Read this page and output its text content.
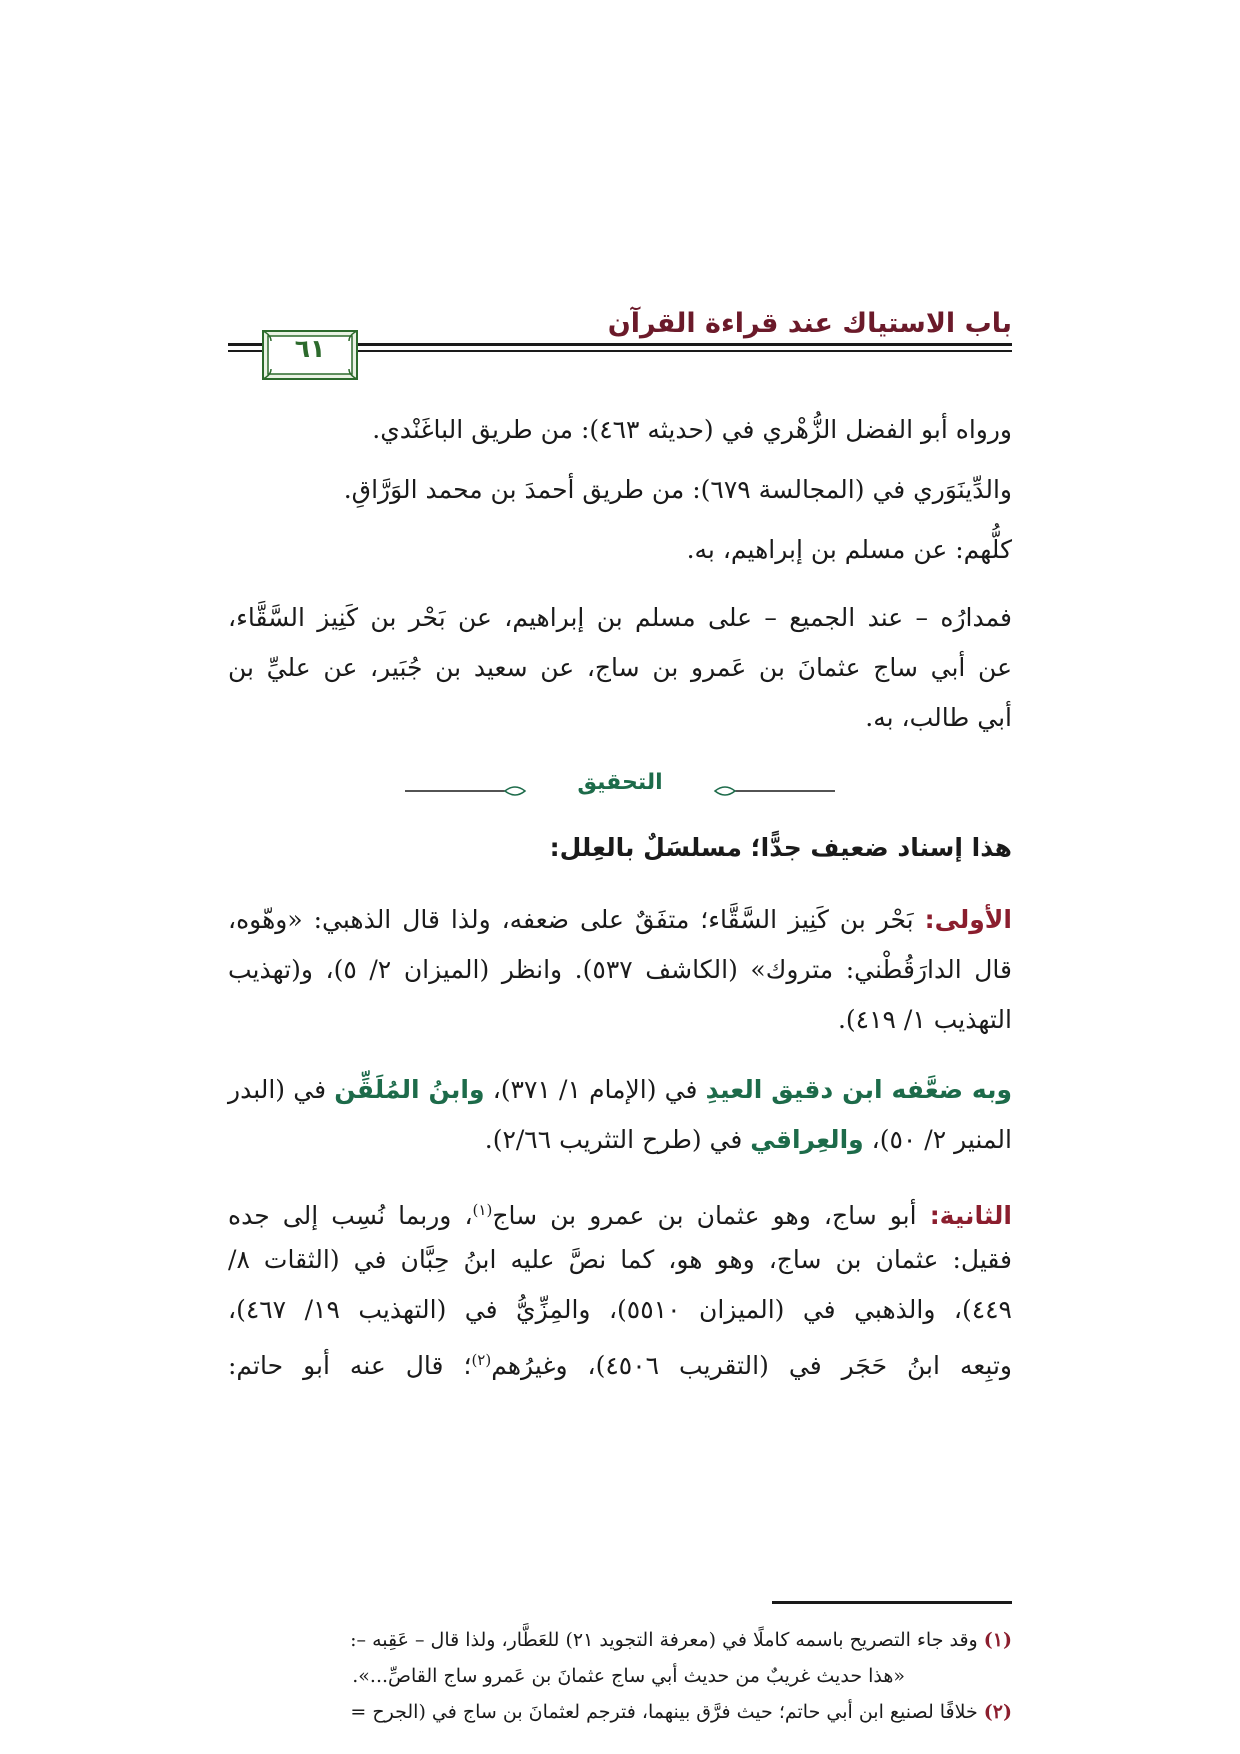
باب الاستياك عند قراءة القرآن
٦١
ورواه أبو الفضل الزُّهْري في (حديثه ٤٦٣): من طريق الباغَنْدي.
والدِّينَوَري في (المجالسة ٦٧٩): من طريق أحمدَ بن محمد الوَرَّاقِ.
كلُّهم: عن مسلم بن إبراهيم، به.
فمدارُه – عند الجميع – على مسلم بن إبراهيم، عن بَحْر بن كَنِيز السَّقَّاء،
عن أبي ساج عثمانَ بن عَمرو بن ساج، عن سعيد بن جُبَير، عن عليِّ بن
أبي طالب، به.
التحقيق
هذا إسناد ضعيف جدًّا؛ مسلسَلٌ بالعِلل:
الأولى: بَحْر بن كَنِيز السَّقَّاء؛ متفَقٌ على ضعفه، ولذا قال الذهبي: «وهّوه،
قال الدارَقُطْني: متروك» (الكاشف ٥٣٧). وانظر (الميزان ٢/ ٥)، و(تهذيب
التهذيب ١/ ٤١٩).
وبه ضعَّفه ابن دقيق العيدِ في (الإمام ١/ ٣٧١)، وابنُ المُلَقِّن في (البدر
المنير ٢/ ٥٠)، والعِراقي في (طرح التثريب ٢/٦٦).
الثانية: أبو ساج، وهو عثمان بن عمرو بن ساج$^{(١)}$، وربما نُسِب إلى جده
فقيل: عثمان بن ساج، وهو هو، كما نصَّ عليه ابنُ حِبَّان في (الثقات ٨/
٤٤٩)، والذهبي في (الميزان ٥٥١٠)، والمِزِّيُّ في (التهذيب ١٩/ ٤٦٧)،
وتبِعه ابنُ حَجَر في (التقريب ٤٥٠٦)، وغيرُهم$^{(٢)}$؛ قال عنه أبو حاتم:
(١) وقد جاء التصريح باسمه كاملًا في (معرفة التجويد ٢١) للعَطَّار، ولذا قال – عَقِبه –:
«هذا حديث غريبٌ من حديث أبي ساج عثمانَ بن عَمرو ساج القاصِّ...».
(٢) خلافًا لصنيع ابن أبي حاتم؛ حيث فرَّق بينهما، فترجم لعثمانَ بن ساج في (الجرح =
